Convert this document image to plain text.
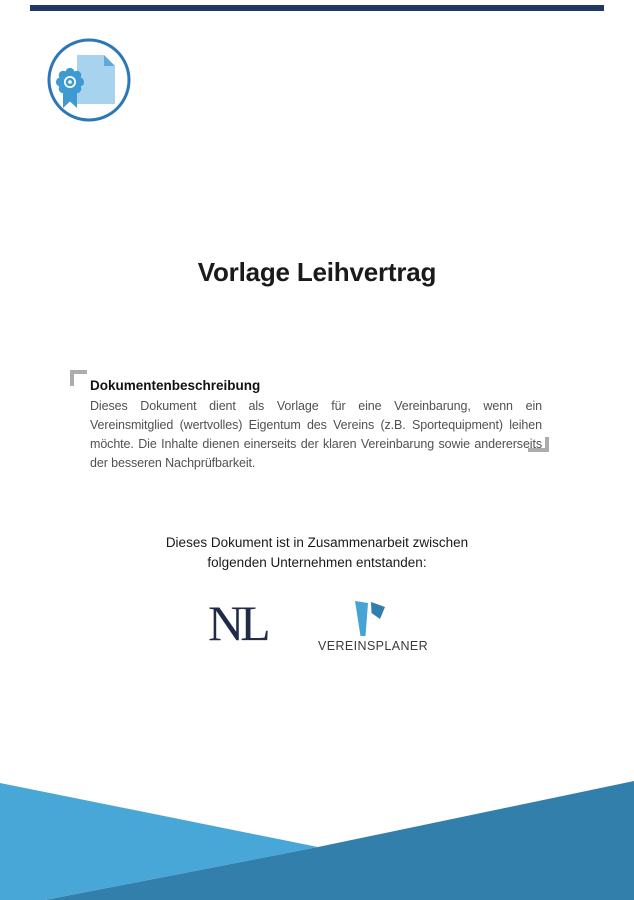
Vorlage Leihvertrag
Dokumentenbeschreibung

Dieses Dokument dient als Vorlage für eine Vereinbarung, wenn ein Vereinsmitglied (wertvolles) Eigentum des Vereins (z.B. Sportequipment) leihen möchte. Die Inhalte dienen einerseits der klaren Vereinbarung sowie andererseits der besseren Nachprüfbarkeit.

Dieses Dokument ist in Zusammenarbeit zwischen
folgenden Unternehmen entstanden:
NL	VEREINSPLANER
